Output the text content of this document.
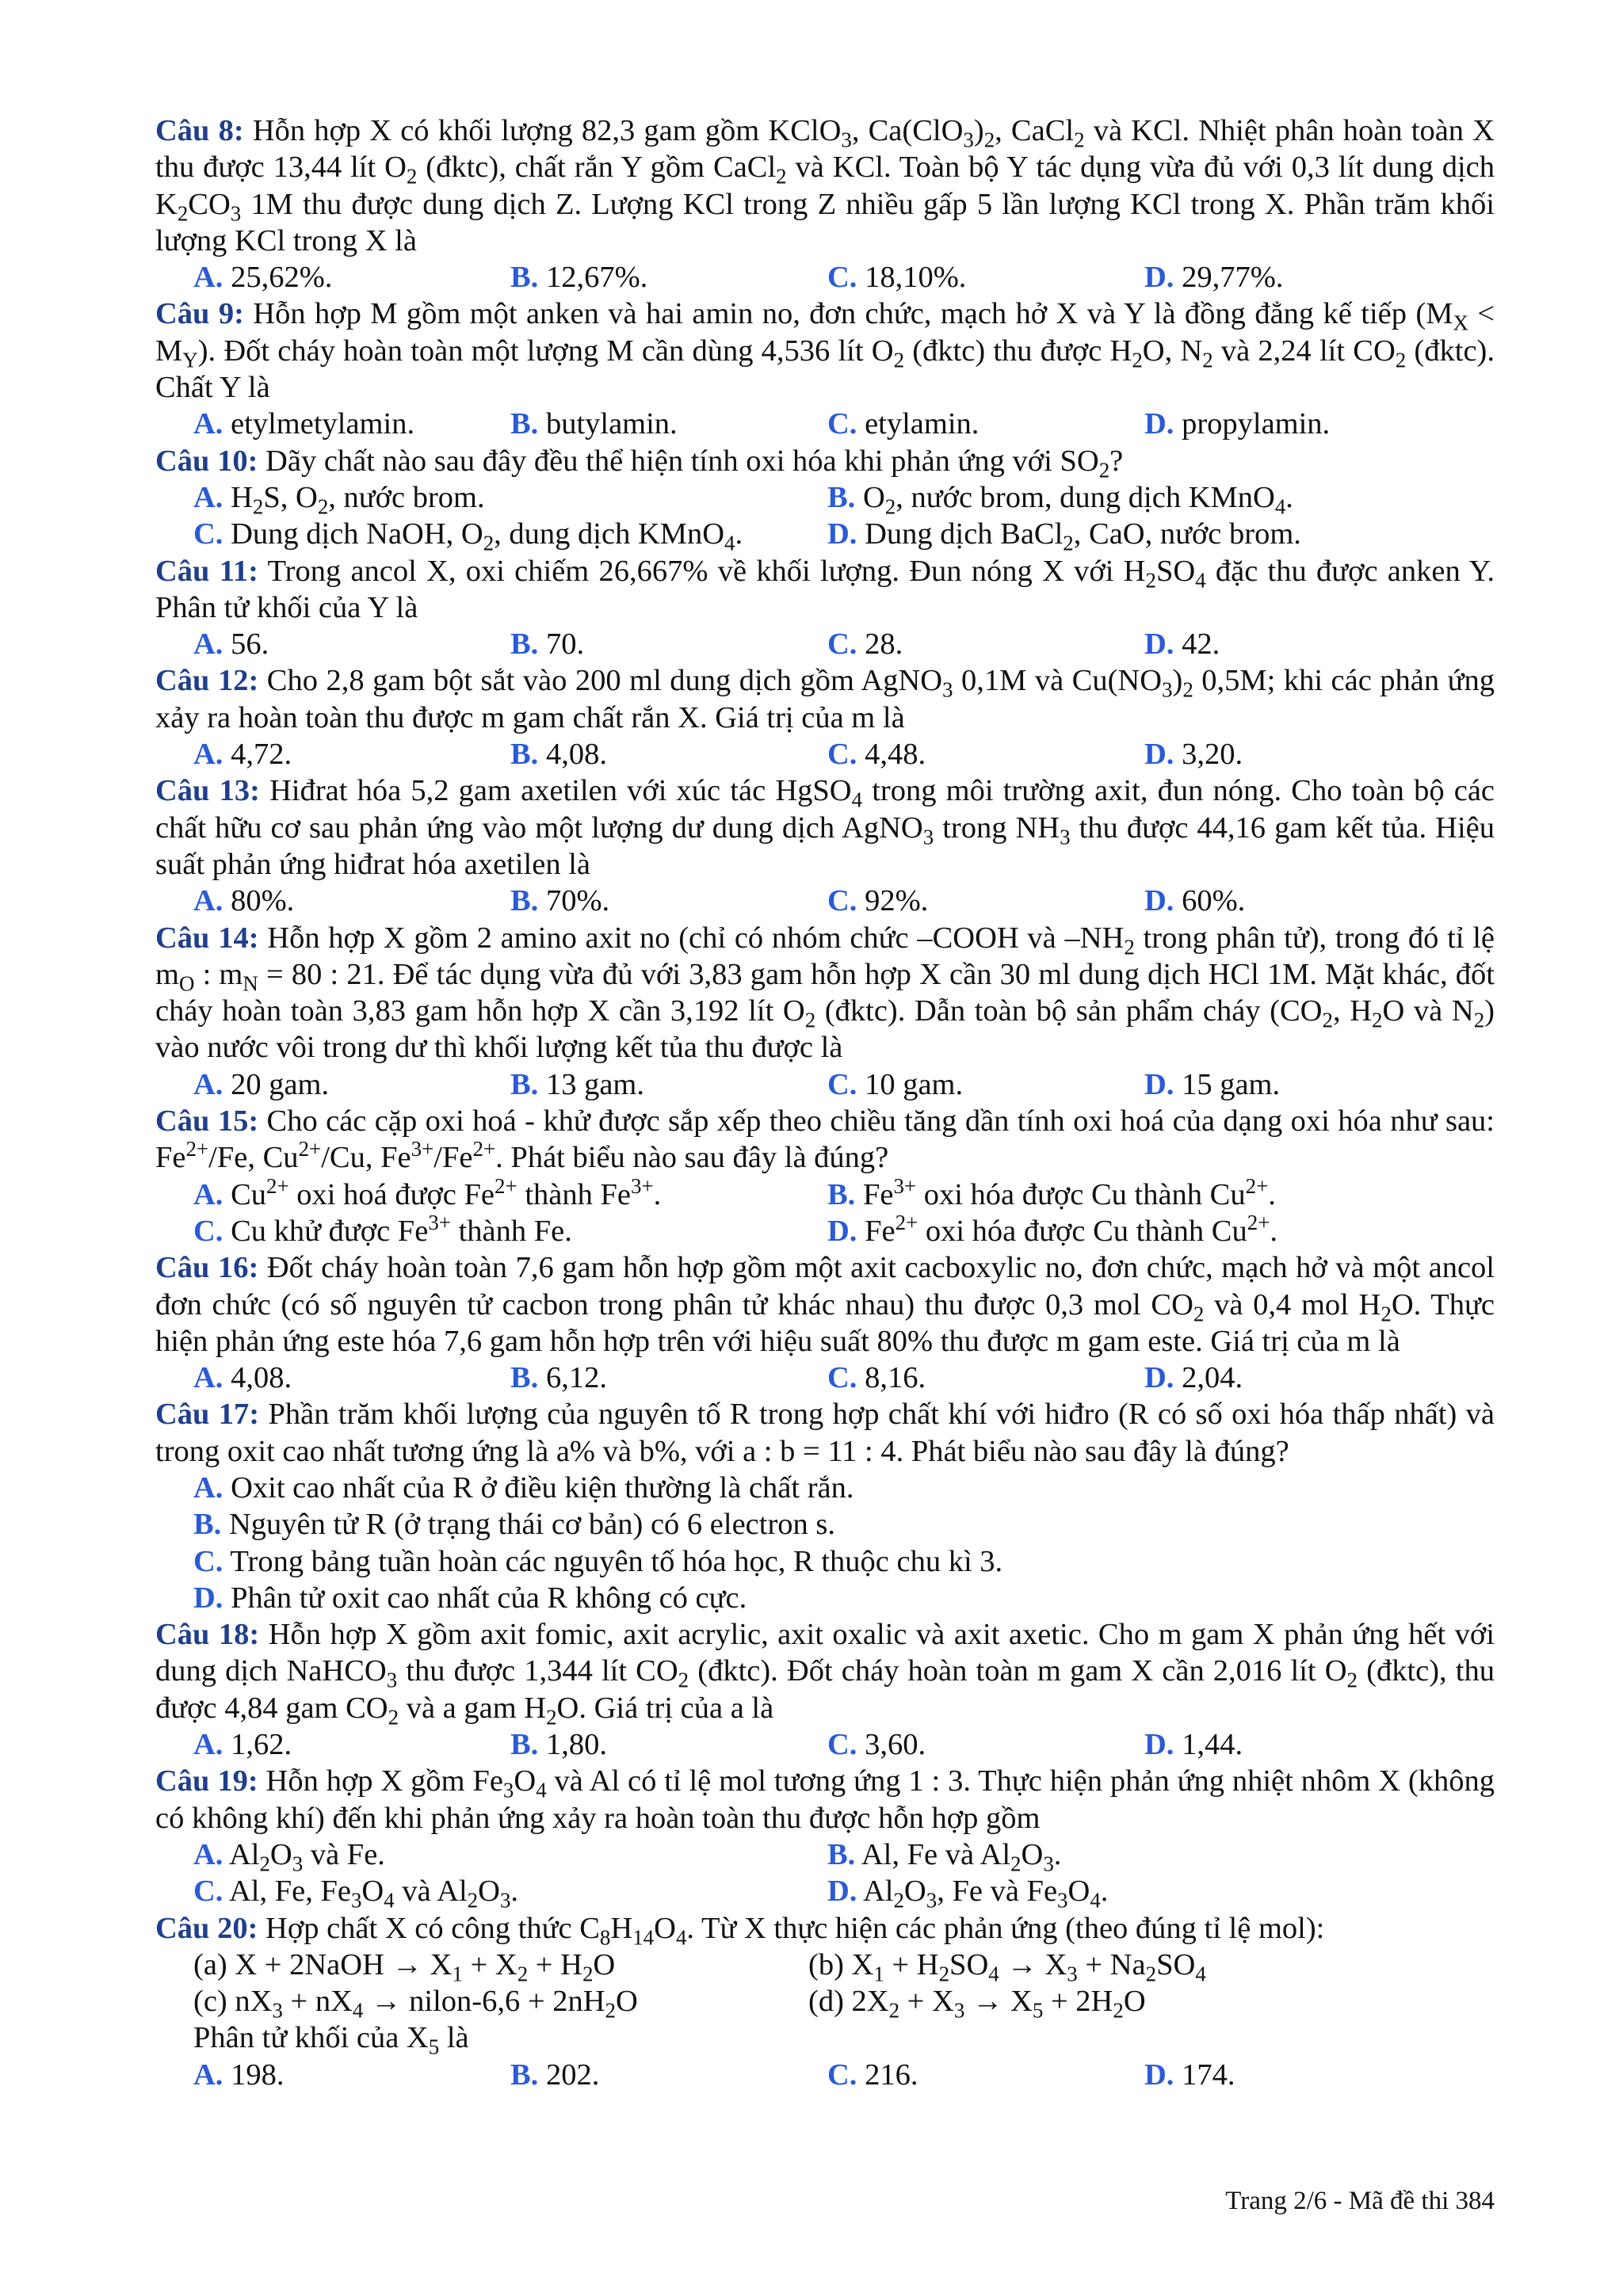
Câu 8: Hỗn hợp X có khối lượng 82,3 gam gồm KClO$_3$, $Ca(ClO_3)_2$, CaCl$_2$ và KCl. Nhiệt phân hoàn toàn X thu được 13,44 lít $O_2$ (đktc), chất rắn Y gồm CaCl$_2$ và KCl. Toàn bộ Y tác dụng vừa đủ với 0,3 lít dung dịch $K_2CO_3$ 1M thu được dung dịch Z. Lượng KCl trong Z nhiều gấp 5 lần lượng KCl trong X. Phần trăm khối lượng KCl trong X là

A. 25,62%.	B. 12,67%.	C. 18,10%.	D. 29,77%.

Câu 9: Hỗn hợp M gồm một anken và hai amin no, đơn chức, mạch hở X và Y là đồng đẳng kế tiếp $(M_X < M_Y)$. Đốt cháy hoàn toàn một lượng M cần dùng 4,536 lít $O_2$ (đktc) thu được $H_2O$, $N_2$ và 2,24 lít $CO_2$ (đktc). Chất Y là

A. etylmetylamin.	B. butylamin.	C. etylamin.	D. propylamin.

Câu 10: Dãy chất nào sau đây đều thể hiện tính oxi hóa khi phản ứng với $SO_2$?

A. $H_2S$, $O_2$, nước brom.	B. $O_2$, nước brom, dung dịch KMnO$_4$.
C. Dung dịch NaOH, $O_2$, dung dịch KMnO$_4$.	D. Dung dịch BaCl$_2$, CaO, nước brom.

Câu 11: Trong ancol X, oxi chiếm 26,667% về khối lượng. Đun nóng X với $H_2SO_4$ đặc thu được anken Y. Phân tử khối của Y là

A. 56.	B. 70.	C. 28.	D. 42.

Câu 12: Cho 2,8 gam bột sắt vào 200 ml dung dịch gồm AgNO$_3$ 0,1M và $Cu(NO_3)_2$ 0,5M; khi các phản ứng xảy ra hoàn toàn thu được m gam chất rắn X. Giá trị của m là

A. 4,72.	B. 4,08.	C. 4,48.	D. 3,20.

Câu 13: Hiđrat hóa 5,2 gam axetilen với xúc tác HgSO$_4$ trong môi trường axit, đun nóng. Cho toàn bộ các chất hữu cơ sau phản ứng vào một lượng dư dung dịch AgNO$_3$ trong $NH_3$ thu được 44,16 gam kết tủa. Hiệu suất phản ứng hiđrat hóa axetilen là

A. 80%.	B. 70%.	C. 92%.	D. 60%.

Câu 14: Hỗn hợp X gồm 2 amino axit no (chỉ có nhóm chức –COOH và $-NH_2$ trong phân tử), trong đó tỉ lệ $m_O$ : $m_N = 80$ : 21. Để tác dụng vừa đủ với 3,83 gam hỗn hợp X cần 30 ml dung dịch HCl 1M. Mặt khác, đốt cháy hoàn toàn 3,83 gam hỗn hợp X cần 3,192 lít $O_2$ (đktc). Dẫn toàn bộ sản phẩm cháy ($CO_2$, $H_2O$ và $N_2$) vào nước vôi trong dư thì khối lượng kết tủa thu được là

A. 20 gam.	B. 13 gam.	C. 10 gam.	D. 15 gam.

Câu 15: Cho các cặp oxi hoá - khử được sắp xếp theo chiều tăng dần tính oxi hoá của dạng oxi hóa như sau: $Fe^{2+}/Fe$, $Cu^{2+}/Cu$, $Fe^{3+}/Fe^{2+}$. Phát biểu nào sau đây là đúng?

A. $Cu^{2+}$ oxi hoá được $Fe^{2+}$ thành $Fe^{3+}$.	B. $Fe^{3+}$ oxi hóa được Cu thành $Cu^{2+}$.
C. Cu khử được $Fe^{3+}$ thành Fe.	D. $Fe^{2+}$ oxi hóa được Cu thành $Cu^{2+}$.

Câu 16: Đốt cháy hoàn toàn 7,6 gam hỗn hợp gồm một axit cacboxylic no, đơn chức, mạch hở và một ancol đơn chức (có số nguyên tử cacbon trong phân tử khác nhau) thu được 0,3 mol $CO_2$ và 0,4 mol $H_2O$. Thực hiện phản ứng este hóa 7,6 gam hỗn hợp trên với hiệu suất 80% thu được m gam este. Giá trị của m là

A. 4,08.	B. 6,12.	C. 8,16.	D. 2,04.

Câu 17: Phần trăm khối lượng của nguyên tố R trong hợp chất khí với hiđro (R có số oxi hóa thấp nhất) và trong oxit cao nhất tương ứng là a% và b%, với a : b = 11 : 4. Phát biểu nào sau đây là đúng?

A. Oxit cao nhất của R ở điều kiện thường là chất rắn.
B. Nguyên tử R (ở trạng thái cơ bản) có 6 electron s.
C. Trong bảng tuần hoàn các nguyên tố hóa học, R thuộc chu kì 3.
D. Phân tử oxit cao nhất của R không có cực.

Câu 18: Hỗn hợp X gồm axit fomic, axit acrylic, axit oxalic và axit axetic. Cho m gam X phản ứng hết với dung dịch NaHCO$_3$ thu được 1,344 lít $CO_2$ (đktc). Đốt cháy hoàn toàn m gam X cần 2,016 lít $O_2$ (đktc), thu được 4,84 gam $CO_2$ và a gam $H_2O$. Giá trị của a là

A. 1,62.	B. 1,80.	C. 3,60.	D. 1,44.

Câu 19: Hỗn hợp X gồm $Fe_3O_4$ và Al có tỉ lệ mol tương ứng 1 : 3. Thực hiện phản ứng nhiệt nhôm X (không có không khí) đến khi phản ứng xảy ra hoàn toàn thu được hỗn hợp gồm

A. $Al_2O_3$ và Fe.	B. Al, Fe và $Al_2O_3$.
C. Al, Fe, $Fe_3O_4$ và $Al_2O_3$.	D. $Al_2O_3$, Fe và $Fe_3O_4$.

Câu 20: Hợp chất X có công thức $C_8H_{14}O_4$. Từ X thực hiện các phản ứng (theo đúng tỉ lệ mol):

(a) X + 2NaOH → $X_1 + X_2 + H_2O$	(b) $X_1 + H_2SO_4 \to X_3 + Na_2SO_4$
(c) $nX_3 + nX_4$ → nilon-6,6 + $2nH_2O$	(d) $2X_2 + X_3 \to X_5 + 2H_2O$
Phân tử khối của $X_5$ là
A. 198.	B. 202.	C. 216.	D. 174.
Trang 2/6 - Mã đề thi 384
